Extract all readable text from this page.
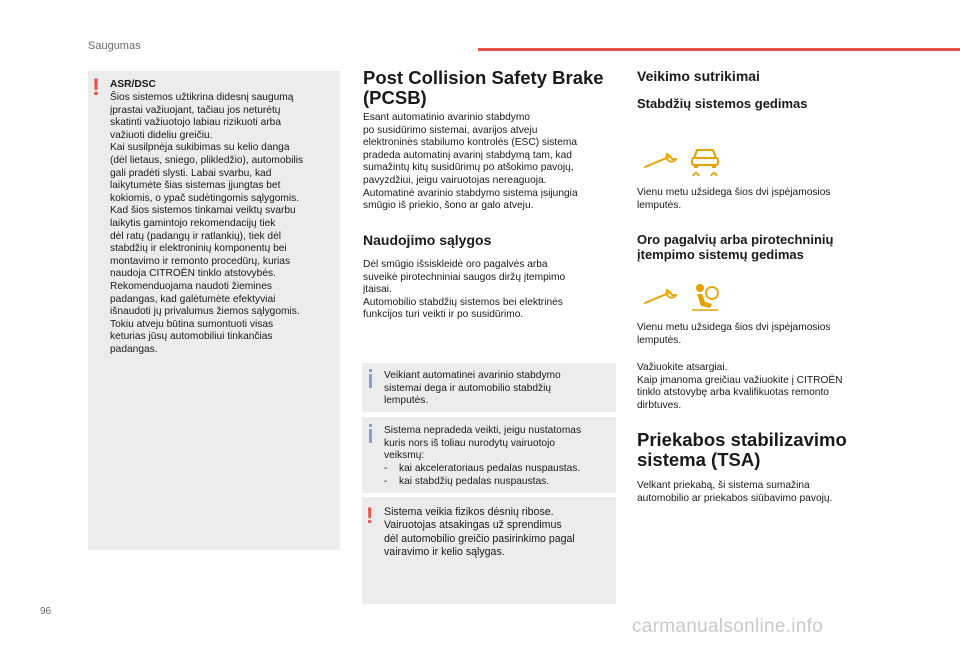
Saugumas
! ASR/DSC
Šios sistemos užtikrina didesnį saugumą
įprastai važiuojant, tačiau jos neturėtų
skatinti važiuotojo labiau rizikuoti arba
važiuoti dideliu greičiu.
Kai susilpnėja sukibimas su kelio danga
(dėl lietaus, sniego, plikledžio), automobilis
gali pradėti slysti. Labai svarbu, kad
laikytumėte šias sistemas įjungtas bet
kokiomis, o ypač sudėtingomis sąlygomis.
Kad šios sistemos tinkamai veiktų svarbu
laikytis gamintojo rekomendacijų tiek
dėl ratų (padangų ir ratlankių), tiek dėl
stabdžių ir elektroninių komponentų bei
montavimo ir remonto procedūrų, kurias
naudoja CITROËN tinklo atstovybės.
Rekomenduojama naudoti žiemines
padangas, kad galėtumėte efektyviai
išnaudoti jų privalumus žiemos sąlygomis.
Tokiu atveju būtina sumontuoti visas
keturias jūsų automobiliui tinkančias
padangas.
Post Collision Safety Brake (PCSB)
Esant automatinio avarinio stabdymo
po susidūrimo sistemai, avarijos atveju
elektroninės stabilumo kontrolės (ESC) sistema
pradeda automatinį avarinį stabdymą tam, kad
sumažintų kitų susidūrimų po atšokimo pavojų,
pavyzdžiui, jeigu vairuotojas nereaguoja.
Automatinė avarinio stabdymo sistema įsijungia
smūgio iš priekio, šono ar galo atveju.
Naudojimo sąlygos
Dėl smūgio išsiskleidė oro pagalvės arba
suveikė pirotechniniai saugos diržų įtempimo
įtaisai.
Automobilio stabdžių sistemos bei elektrinės
funkcijos turi veikti ir po susidūrimo.
Veikiant automatinei avarinio stabdymo
sistemai dega ir automobilio stabdžių
lemputės.
Sistema nepradeda veikti, jeigu nustatomas
kuris nors iš toliau nurodytų vairuotojo
veiksmų:
- kai akceleratoriaus pedalas nuspaustas.
- kai stabdžių pedalas nuspaustas.
! Sistema veikia fizikos dėsnių ribose.
Vairuotojas atsakingas už sprendimus
dėl automobilio greičio pasirinkimo pagal
vairavimo ir kelio sąlygas.
Veikimo sutrikimai
Stabdžių sistemos gedimas
Vienu metu užsidega šios dvi įspėjamosios
lemputės.
Oro pagalvių arba pirotechninių
įtempimo sistemų gedimas
Vienu metu užsidega šios dvi įspėjamosios
lemputės.
Važiuokite atsargiai.
Kaip įmanoma greičiau važiuokite į CITROËN
tinklo atstovybę arba kvalifikuotas remonto
dirbtuves.
Priekabos stabilizavimo
sistema (TSA)
Velkant priekabą, ši sistema sumažina
automobilio ar priekabos siūbavimo pavojų.
96
carmanualsonline.info
